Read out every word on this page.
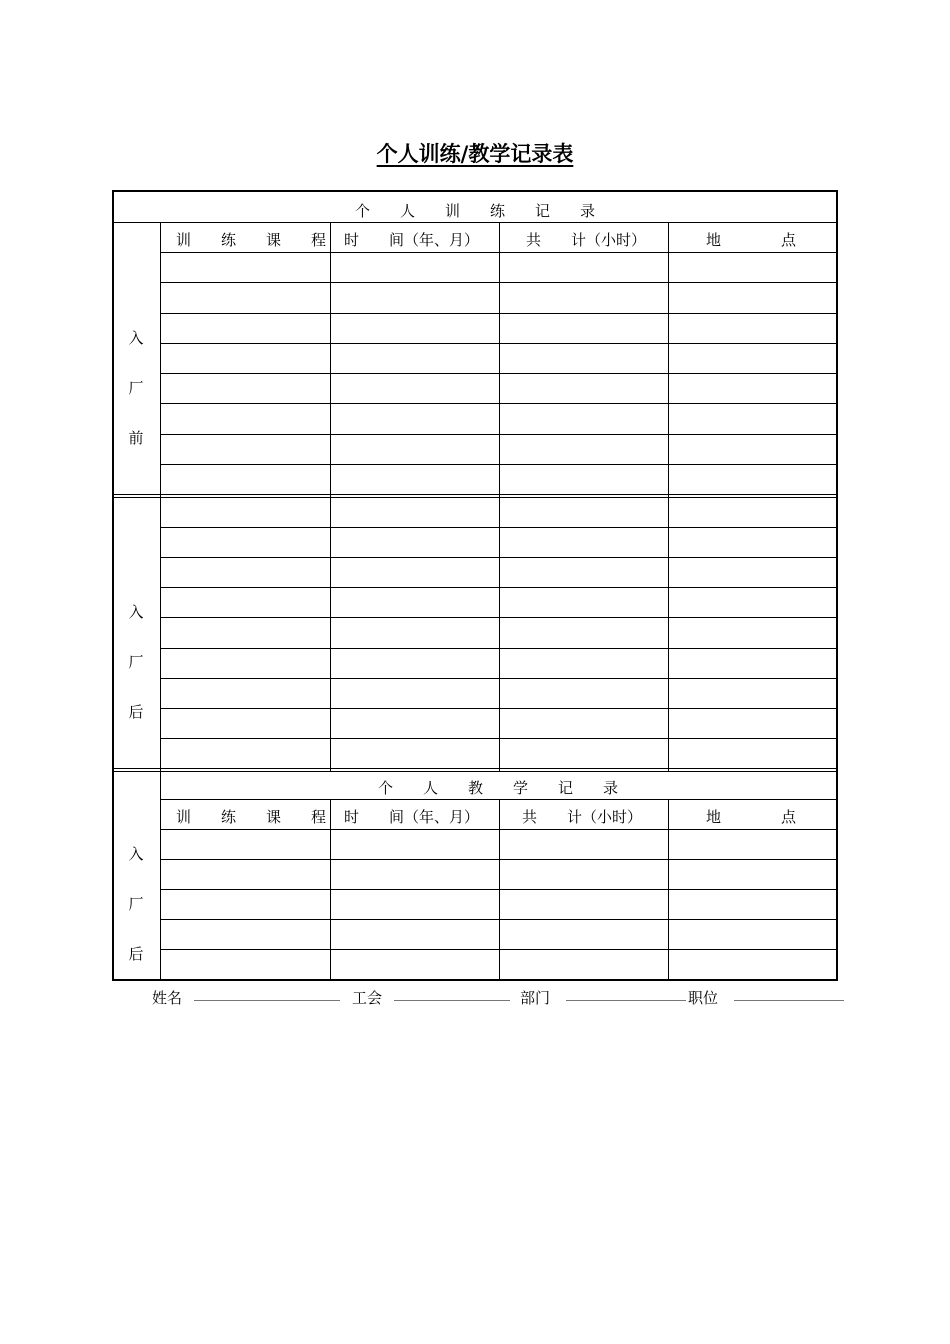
个人训练/教学记录表
个　　人　　训　　练　　记　　录
训　　练　　课　　程 时　　间（年、月）	共　　计（小时）	地　　　　点
入
厂
前
入
厂
后
个　　人　　教　　学　　记　　录
训　　练　　课　　程 时　　间（年、月）	共　　计（小时）	地　　　　点
入
厂
后
姓名	工会	部门	职位
